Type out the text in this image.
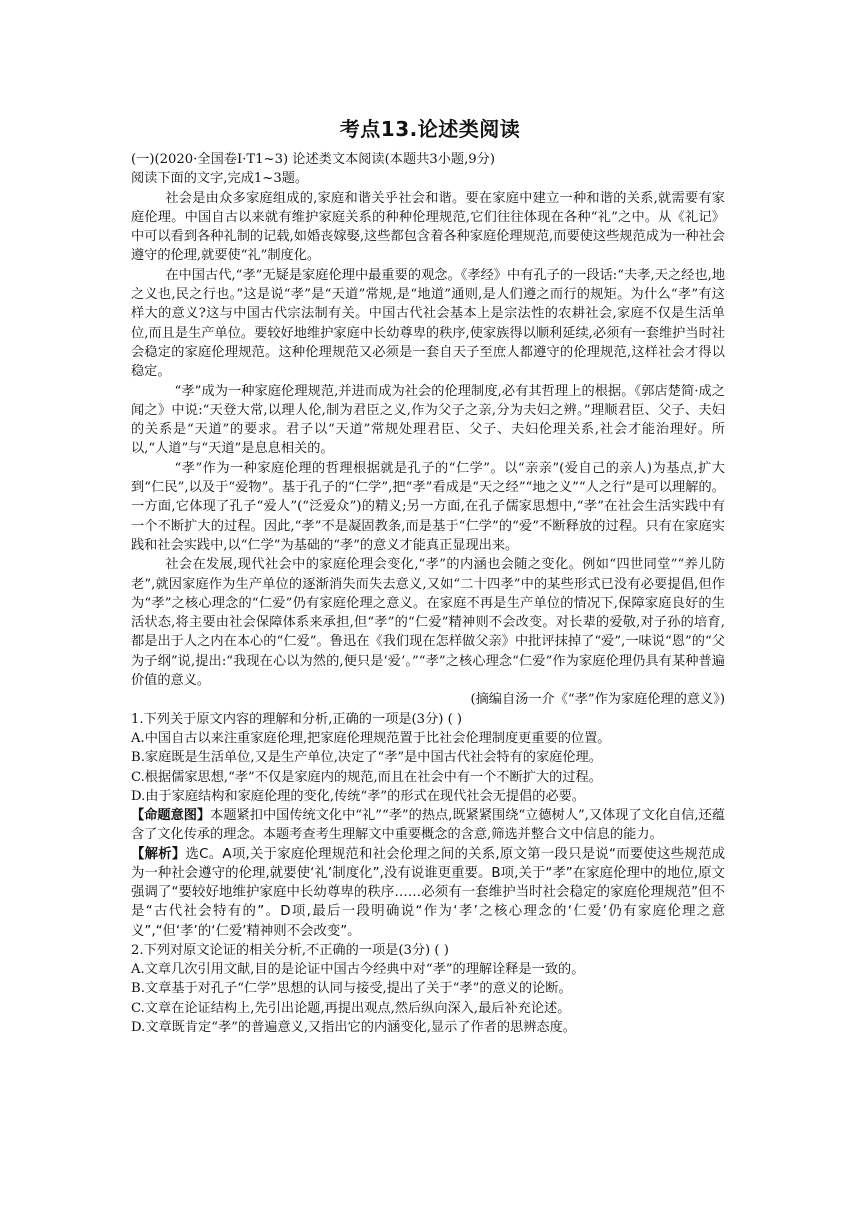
考点13.论述类阅读

(一)(2020·全国卷Ⅰ·T1~3) 论述类文本阅读(本题共3小题,9分)

阅读下面的文字,完成1~3题。

社会是由众多家庭组成的,家庭和谐关乎社会和谐。要在家庭中建立一种和谐的关系,就需要有家庭伦理。中国自古以来就有维护家庭关系的种种伦理规范,它们往往体现在各种“礼”之中。从《礼记》中可以看到各种礼制的记载,如婚丧嫁娶,这些都包含着各种家庭伦理规范,而要使这些规范成为一种社会遵守的伦理,就要使“礼”制度化。

在中国古代,“孝”无疑是家庭伦理中最重要的观念。《孝经》中有孔子的一段话:“夫孝,天之经也,地之义也,民之行也。”这是说“孝”是“天道”常规,是“地道”通则,是人们遵之而行的规矩。为什么“孝”有这样大的意义?这与中国古代宗法制有关。中国古代社会基本上是宗法性的农耕社会,家庭不仅是生活单位,而且是生产单位。要较好地维护家庭中长幼尊卑的秩序,使家族得以顺利延续,必须有一套维护当时社会稳定的家庭伦理规范。这种伦理规范又必须是一套自天子至庶人都遵守的伦理规范,这样社会才得以稳定。

“孝”成为一种家庭伦理规范,并进而成为社会的伦理制度,必有其哲理上的根据。《郭店楚简·成之闻之》中说:“天登大常,以理人伦,制为君臣之义,作为父子之亲,分为夫妇之辨。”理顺君臣、父子、夫妇的关系是“天道”的要求。君子以“天道”常规处理君臣、父子、夫妇伦理关系,社会才能治理好。所以,“人道”与“天道”是息息相关的。

“孝”作为一种家庭伦理的哲理根据就是孔子的“仁学”。以“亲亲”(爱自己的亲人)为基点,扩大到“仁民”,以及于“爱物”。基于孔子的“仁学”,把“孝”看成是“天之经”“地之义”“人之行”是可以理解的。一方面,它体现了孔子“爱人”(“泛爱众”)的精义;另一方面,在孔子儒家思想中,“孝”在社会生活实践中有一个不断扩大的过程。因此,“孝”不是凝固教条,而是基于“仁学”的“爱”不断释放的过程。只有在家庭实践和社会实践中,以“仁学”为基础的“孝”的意义才能真正显现出来。

社会在发展,现代社会中的家庭伦理会变化,“孝”的内涵也会随之变化。例如“四世同堂”“养儿防老”,就因家庭作为生产单位的逐渐消失而失去意义,又如“二十四孝”中的某些形式已没有必要提倡,但作为“孝”之核心理念的“仁爱”仍有家庭伦理之意义。在家庭不再是生产单位的情况下,保障家庭良好的生活状态,将主要由社会保障体系来承担,但“孝”的“仁爱”精神则不会改变。对长辈的爱敬,对子孙的培育,都是出于人之内在本心的“仁爱”。鲁迅在《我们现在怎样做父亲》中批评抹掉了“爱”,一味说“恩”的“父为子纲”说,提出:“我现在心以为然的,便只是‘爱’。”“孝”之核心理念“仁爱”作为家庭伦理仍具有某种普遍价值的意义。

(摘编自汤一介《“孝”作为家庭伦理的意义》)

1.下列关于原文内容的理解和分析,正确的一项是(3分) ( )

A.中国自古以来注重家庭伦理,把家庭伦理规范置于比社会伦理制度更重要的位置。

B.家庭既是生活单位,又是生产单位,决定了“孝”是中国古代社会特有的家庭伦理。

C.根据儒家思想,“孝”不仅是家庭内的规范,而且在社会中有一个不断扩大的过程。

D.由于家庭结构和家庭伦理的变化,传统“孝”的形式在现代社会无提倡的必要。

【命题意图】本题紧扣中国传统文化中“礼”“孝”的热点,既紧紧围绕“立德树人”,又体现了文化自信,还蕴含了文化传承的理念。本题考查考生理解文中重要概念的含意,筛选并整合文中信息的能力。

【解析】选C。A项,关于家庭伦理规范和社会伦理之间的关系,原文第一段只是说“而要使这些规范成为一种社会遵守的伦理,就要使‘礼’制度化”,没有说谁更重要。B项,关于“孝”在家庭伦理中的地位,原文强调了“要较好地维护家庭中长幼尊卑的秩序……必须有一套维护当时社会稳定的家庭伦理规范”但不是“古代社会特有的”。D项,最后一段明确说“作为‘孝’之核心理念的‘仁爱’仍有家庭伦理之意义”,“但‘孝’的‘仁爱’精神则不会改变”。

2.下列对原文论证的相关分析,不正确的一项是(3分) ( )

A.文章几次引用文献,目的是论证中国古今经典中对“孝”的理解诠释是一致的。

B.文章基于对孔子“仁学”思想的认同与接受,提出了关于“孝”的意义的论断。

C.文章在论证结构上,先引出论题,再提出观点,然后纵向深入,最后补充论述。

D.文章既肯定“孝”的普遍意义,又指出它的内涵变化,显示了作者的思辨态度。
